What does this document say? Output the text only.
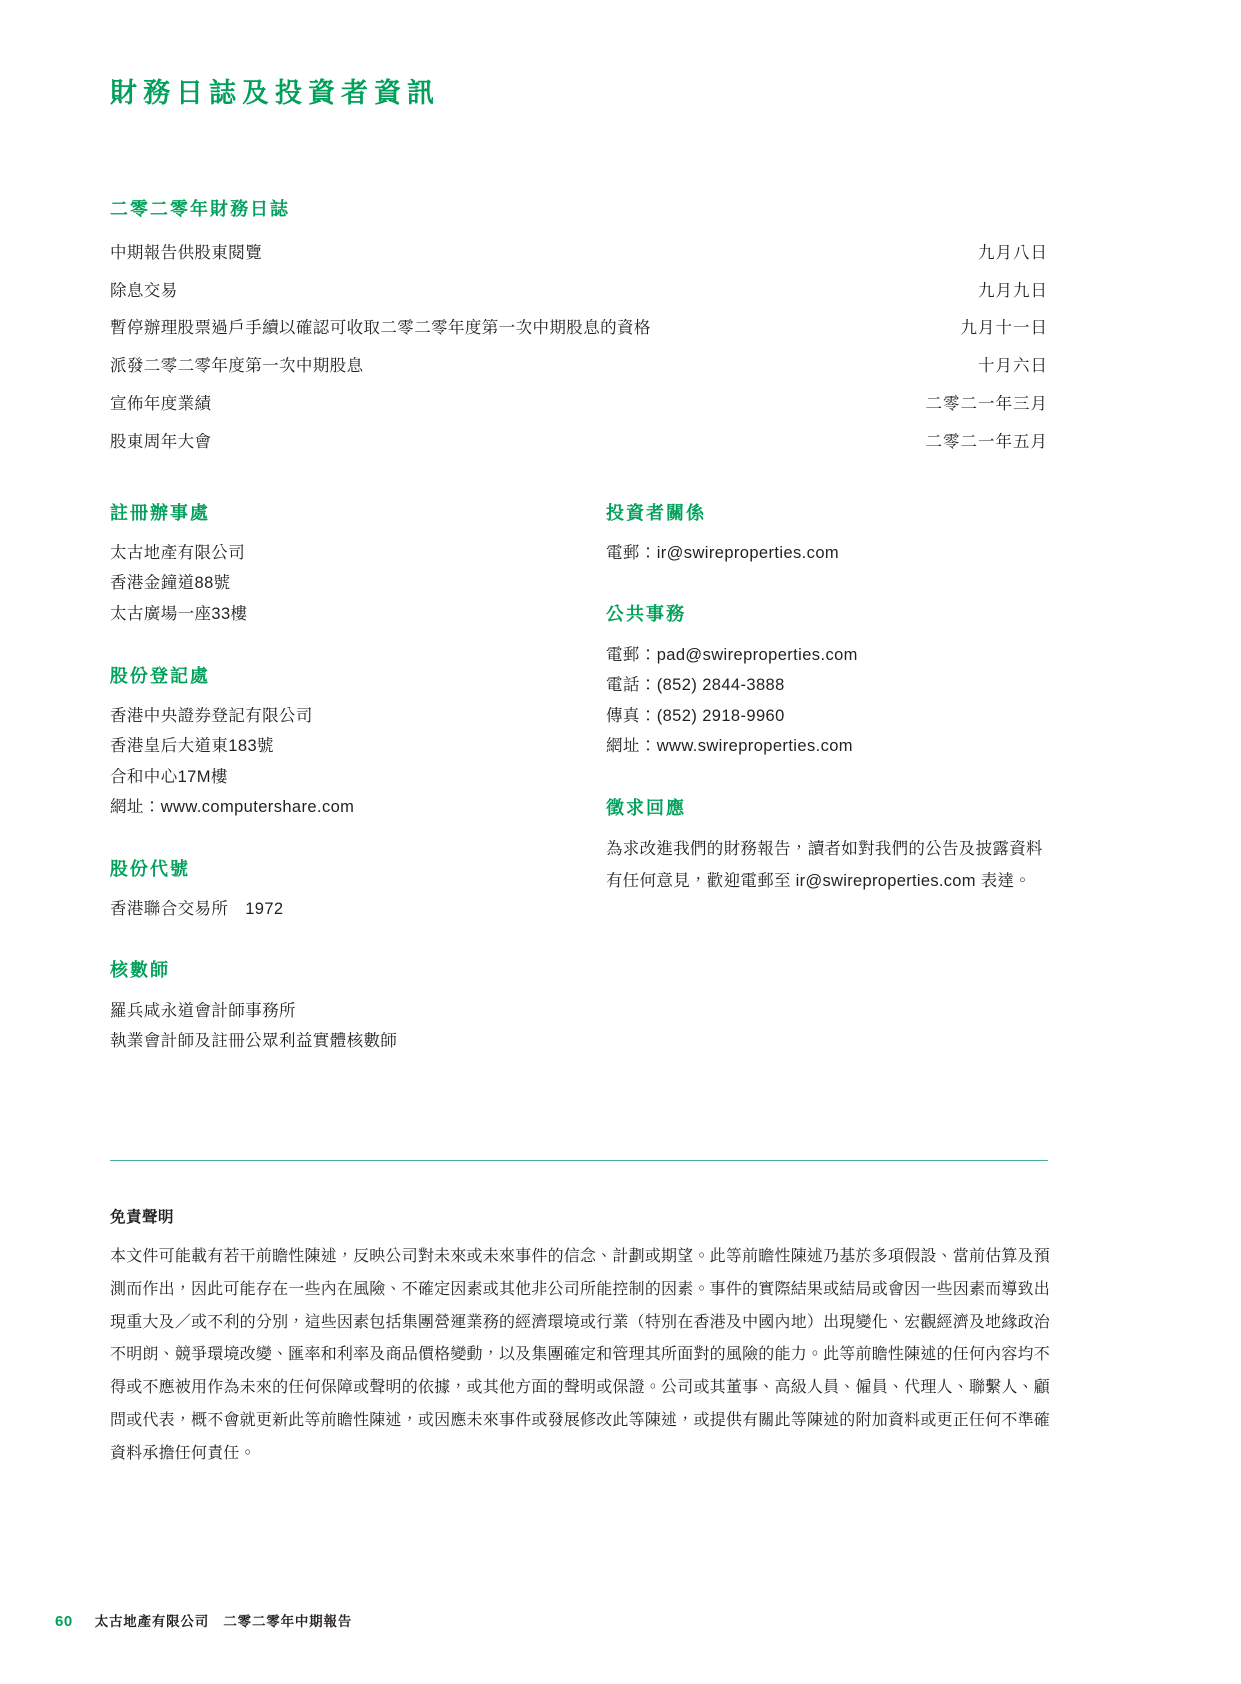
財務日誌及投資者資訊
二零二零年財務日誌
中期報告供股東閱覽	九月八日
除息交易	九月九日
暫停辦理股票過戶手續以確認可收取二零二零年度第一次中期股息的資格	九月十一日
派發二零二零年度第一次中期股息	十月六日
宣佈年度業績	二零二一年三月
股東周年大會	二零二一年五月
註冊辦事處
太古地產有限公司
香港金鐘道88號
太古廣場一座33樓
股份登記處
香港中央證券登記有限公司
香港皇后大道東183號
合和中心17M樓
網址：www.computershare.com
股份代號
香港聯合交易所　1972
核數師
羅兵咸永道會計師事務所
執業會計師及註冊公眾利益實體核數師
投資者關係
電郵：ir@swireproperties.com
公共事務
電郵：pad@swireproperties.com
電話：(852) 2844-3888
傳真：(852) 2918-9960
網址：www.swireproperties.com
徵求回應

為求改進我們的財務報告，讀者如對我們的公告及披露資料有任何意見，歡迎電郵至 ir@swireproperties.com 表達。

免責聲明

本文件可能載有若干前瞻性陳述，反映公司對未來或未來事件的信念、計劃或期望。此等前瞻性陳述乃基於多項假設、當前估算及預測而作出，因此可能存在一些內在風險、不確定因素或其他非公司所能控制的因素。事件的實際結果或結局或會因一些因素而導致出現重大及／或不利的分別，這些因素包括集團營運業務的經濟環境或行業（特別在香港及中國內地）出現變化、宏觀經濟及地緣政治不明朗、競爭環境改變、匯率和利率及商品價格變動，以及集團確定和管理其所面對的風險的能力。此等前瞻性陳述的任何內容均不得或不應被用作為未來的任何保障或聲明的依據，或其他方面的聲明或保證。公司或其董事、高級人員、僱員、代理人、聯繫人、顧問或代表，概不會就更新此等前瞻性陳述，或因應未來事件或發展修改此等陳述，或提供有關此等陳述的附加資料或更正任何不準確資料承擔任何責任。

60 太古地產有限公司　二零二零年中期報告
